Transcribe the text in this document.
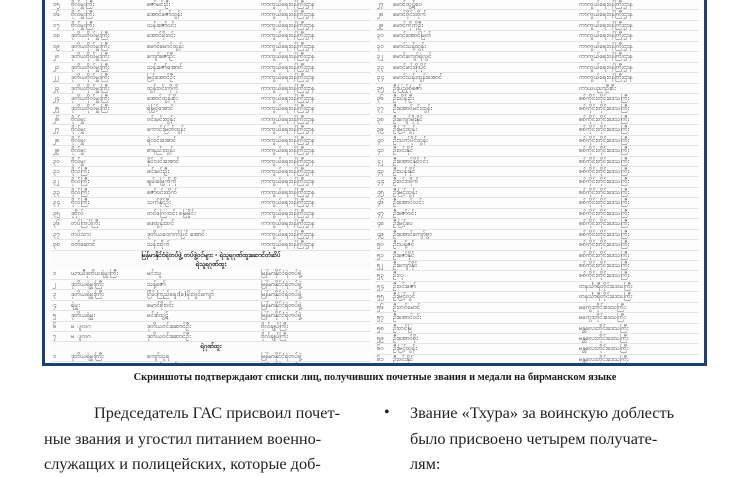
၁၅	ဗိုလ်မှူးကြီး	ဇော်မင်းဦး	ကာကွယ်ရေးဝန်ကြီးဌာန
၁၆	ဗိုလ်မှူးကြီး	အောင်ဇော်ထွန်း	ကာကွယ်ရေးဝန်ကြီးဌာန
၁၇	ဗိုလ်မှူးကြီး	သန်းဇော်ဝင်း	ကာကွယ်ရေးဝန်ကြီးဌာန
၁၈	ဒုတိယဗိုလ်မှူးကြီး	အောင်မိုးဝင်း	ကာကွယ်ရေးဝန်ကြီးဌာန
၁၉	ဒုတိယဗိုလ်မှူးကြီး	မောင်မောင်ထွန်း	ကာကွယ်ရေးဝန်ကြီးဌာန
၂၀	ဒုတိယဗိုလ်မှူးကြီး	ကျော်ဇော်ဦး	ကာကွယ်ရေးဝန်ကြီးဌာန
၂၁	ဒုတိယဗိုလ်မှူးကြီး	သန်းဇော်အောင်	ကာကွယ်ရေးဝန်ကြီးဌာန
၂၂	ဒုတိယဗိုလ်မှူးကြီး	မြင့်အောင်ဦး	ကာကွယ်ရေးဝန်ကြီးဌာန
၂၃	ဒုတိယဗိုလ်မှူးကြီး	ထွန်းဝင်းကိုကို	ကာကွယ်ရေးဝန်ကြီးဌာန
၂၄	ဒုတိယဗိုလ်မှူးကြီး	အောင်ထွန်းစိုး	ကာကွယ်ရေးဝန်ကြီးဌာန
၂၅	ဒုတိယဗိုလ်မှူးကြီး	ရဲမြင့်အောင်	ကာကွယ်ရေးဝန်ကြီးဌာန
၂၆	ဗိုလ်မှူး	ဝင်းမင်းထွန်း	ကာကွယ်ရေးဝန်ကြီးဌာန
၂၇	ဗိုလ်မှူး	ကောင်းမြတ်ထွန်း	ကာကွယ်ရေးဝန်ကြီးဌာန
၂၈	ဗိုလ်မှူး	ရဲလင်းအောင်	ကာကွယ်ရေးဝန်ကြီးဌာန
၂၉	ဗိုလ်မှူး	စာနည်းထွန်း	ကာကွယ်ရေးဝန်ကြီးဌာန
၃၀	ဗိုလ်မှူး	နိုင်လင်းအောင်	ကာကွယ်ရေးဝန်ကြီးဌာန
၃၁	ဗိုလ်ကြီး	ဖင်းမင်းဦး	ကာကွယ်ရေးဝန်ကြီးဌာန
၃၂	ဗိုလ်ကြီး	ချမ်းမြေ့ကိုကို	ကာကွယ်ရေးဝန်ကြီးဌာန
၃၃	ဗိုလ်ကြီး	ဇော်ဝင်းထိုက်	ကာကွယ်ရေးဝန်ကြီးဌာန
၃၄	ဗိုလ်ကြီး	သက်နိုင်ဦး	ကာကွယ်ရေးဝန်ကြီးဌာန
၃၅	ဒုဗိုလ်	တင်ကြေးဝင်း မြေမှိုင်း	ကာကွယ်ရေးဝန်ကြီးဌာန
၃၆	တပ်ကြပ်ကြီး	ဖေထွန်းထင်	ကာကွယ်ရေးဝန်ကြီးဌာန
၃၇	တပ်သား	ဒုတိယထောက်ပြင် အောင်	ကာကွယ်ရေးဝန်ကြီးဌာန
၃၈	ဝတ်ဆောင်	သန်းထိုက်	ကာကွယ်ရေးဝန်ကြီးဌာန
မြန်မာနိုင်ငံရဲတပ်ဖွဲ့ တပ်ဖွဲ့ဝင်များ - ရဲသူရဂုဏ်ထူးဆောင်တံဆိပ်
ရဲသူရဂုဏ်ထူး
၁	ယာယီဒုတိယရဲမှူးကြီး	မင်းသူ	မြန်မာနိုင်ငံရဲတပ်ဖွဲ့
၂	ဒုတိယရဲမှူးကြီး	သန့်ဇော်	မြန်မာနိုင်ငံရဲတပ်ဖွဲ့
၃	ဒုတိယရဲမှူးကြီး	ငြိမ်းကြည်ရှေး(ခ)မိုးလွင်ကျော်	မြန်မာနိုင်ငံရဲတပ်ဖွဲ့
၄	ရဲမှူး	မောင်စိုးဝင်း	မြန်မာနိုင်ငံရဲတပ်ဖွဲ့
၅	ဒုတိယရဲမှူး	မင်းစံထွဋ်	မြန်မာနိုင်ငံရဲတပ်ဖွဲ့
၆	မ ျလဂ	ဒုတိယဝင်းဆောင်ဦး	ဗိုလ်ချုပ်ကြီး
၇	မ ျလဂ	ဒုတိယဝင်းဆောင်ဦး	ဗိုလ်ချုပ်ကြီး
ရဲဂုဏ်ထူး
၁	ဒုတိယရဲမှူးကြီး	ကျော်သူရ	မြန်မာနိုင်ငံရဲတပ်ဖွဲ့
၂၇	မောင်ထွဋ်ဝေ	ကာကွယ်ရေးဝန်ကြီးဌာန
၂၈	မောင်ဝိုင်းထိုက်	ကာကွယ်ရေးဝန်ကြီးဌာန
၂၉	မောင်ကိုကိုဦး	ကာကွယ်ရေးဝန်ကြီးဌာန
၃၀	မောင်အောင်မြတ်	ကာကွယ်ရေးဝန်ကြီးဌာန
၃၁	မောင်သန့်ထွန်း	ကာကွယ်ရေးဝန်ကြီးဌာန
၃၂	မောင်ကျော်ရဲလွင်	ကာကွယ်ရေးဝန်ကြီးဌာန
၃၃	မောင်မင်းဖိုးပိုင်	ကာကွယ်ရေးဝန်ကြီးဌာန
၃၄	မောင်သန်းထွန်းအောင်	ကာကွယ်ရေးဝန်ကြီးဌာန
၃၅	ဦးပြည့်စုံဇော်	ကာယပညာဦးစီး
၃၆	ဦးသိန်းဦး	စစ်ကိုင်းတိုင်းဒေသကြီး
၃၇	ဦးအောင်မင်းထွန်း	စစ်ကိုင်းတိုင်းဒေသကြီး
၃၈	ဦးကျော်မိုးနိုင်	စစ်ကိုင်းတိုင်းဒေသကြီး
၃၉	ဦးမြင့်ထွန်း	စစ်ကိုင်းတိုင်းဒေသကြီး
၄၀	ဦးသက်ပိုင်ထွန်း	စစ်ကိုင်းတိုင်းဒေသကြီး
၄၁	ဦးဝင်းနိုင်	စစ်ကိုင်းတိုင်းဒေသကြီး
၄၂	ဦးအောင်နိုင်ဝင်း	စစ်ကိုင်းတိုင်းဒေသကြီး
၄၃	ဦးသန်းနိုင်	စစ်ကိုင်းတိုင်းဒေသကြီး
၄၄	ဦးဝင်းထိုက်	စစ်ကိုင်းတိုင်းဒေသကြီး
၄၅	ဦးမြင့်ထွန်း	စစ်ကိုင်းတိုင်းဒေသကြီး
၄၆	ဦးအောင်လင်း	စစ်ကိုင်းတိုင်းဒေသကြီး
၄၇	ဦးဇော်ဝင်း	စစ်ကိုင်းတိုင်းဒေသကြီး
၄၈	ဦးမြင့်ဝေ	စစ်ကိုင်းတိုင်းဒေသကြီး
၄၉	ဦးအောင်ကျော်စွာ	စစ်ကိုင်းတိုင်းဒေသကြီး
၅၀	ဦးသန့်ဇင်	စစ်ကိုင်းတိုင်းဒေသကြီး
၅၁	ဦးဇော်နိုင်	စစ်ကိုင်းတိုင်းဒေသကြီး
၅၂	ဦးကျော်နိုင်	စစ်ကိုင်းတိုင်းဒေသကြီး
၅၃	ဦးလှ	စစ်ကိုင်းတိုင်းဒေသကြီး
၅၄	ဦးဝင်းဇော်	တနင်္သာရီတိုင်းဒေသကြီး
၅၅	ဦးမြင့်လွင်	တနင်္သာရီတိုင်းဒေသကြီး
၅၆	ဦးတင်မောင်	မကွေးတိုင်းဒေသကြီး
၅၇	ဦးအောင်ဝင်း	မကွေးတိုင်းဒေသကြီး
၅၈	ဦးတင်မြ	မန္တလေးတိုင်းဒေသကြီး
၅၉	ဦးအောင်စိုး	မန္တလေးတိုင်းဒေသကြီး
၆၀	ဦးမြင့်ထွန်း	မန္တလေးတိုင်းဒေသကြီး
၆၁	ဦးဝင်းနိုင်	မန္တလေးတိုင်းဒေသကြီး
Скриншоты подтверждают списки лиц, получивших почетные звания и медали на бирманском языке
Председатель ГАС присвоил почет-
ные звания и угостил питанием военно-
служащих и полицейских, которые доб-
•	Звание «Тхура» за воинскую доблесть
было присвоено четырем получате-
лям:
